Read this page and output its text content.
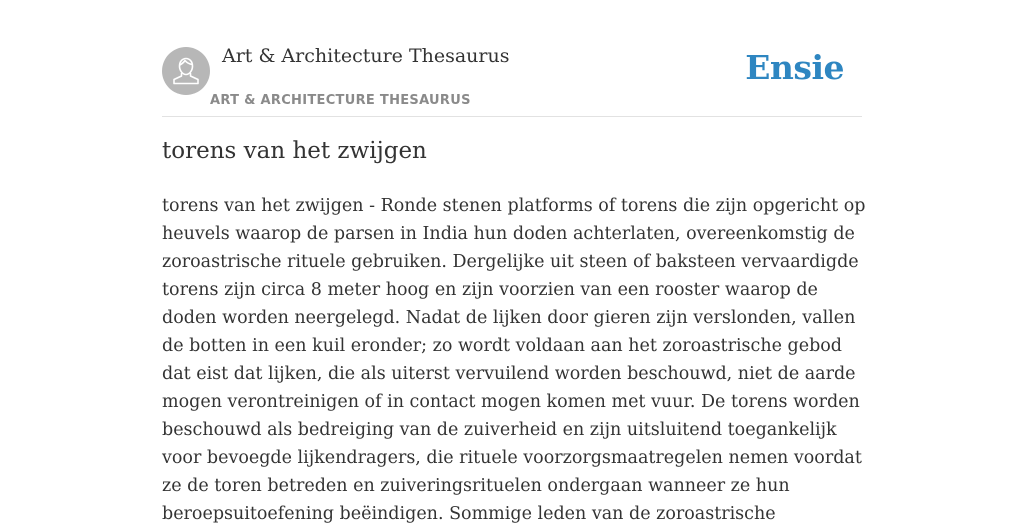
Art & Architecture Thesaurus
ART & ARCHITECTURE THESAURUS
Ensie
torens van het zwijgen

torens van het zwijgen - Ronde stenen platforms of torens die zijn opgericht op heuvels waarop de parsen in India hun doden achterlaten, overeenkomstig de zoroastrische rituele gebruiken. Dergelijke uit steen of baksteen vervaardigde torens zijn circa 8 meter hoog en zijn voorzien van een rooster waarop de doden worden neergelegd. Nadat de lijken door gieren zijn verslonden, vallen de botten in een kuil eronder; zo wordt voldaan aan het zoroastrische gebod dat eist dat lijken, die als uiterst vervuilend worden beschouwd, niet de aarde mogen verontreinigen of in contact mogen komen met vuur. De torens worden beschouwd als bedreiging van de zuiverheid en zijn uitsluitend toegankelijk voor bevoegde lijkendragers, die rituele voorzorgsmaatregelen nemen voordat ze de toren betreden en zuiveringsrituelen ondergaan wanneer ze hun beroepsuitoefening beëindigen. Sommige leden van de zoroastrische
